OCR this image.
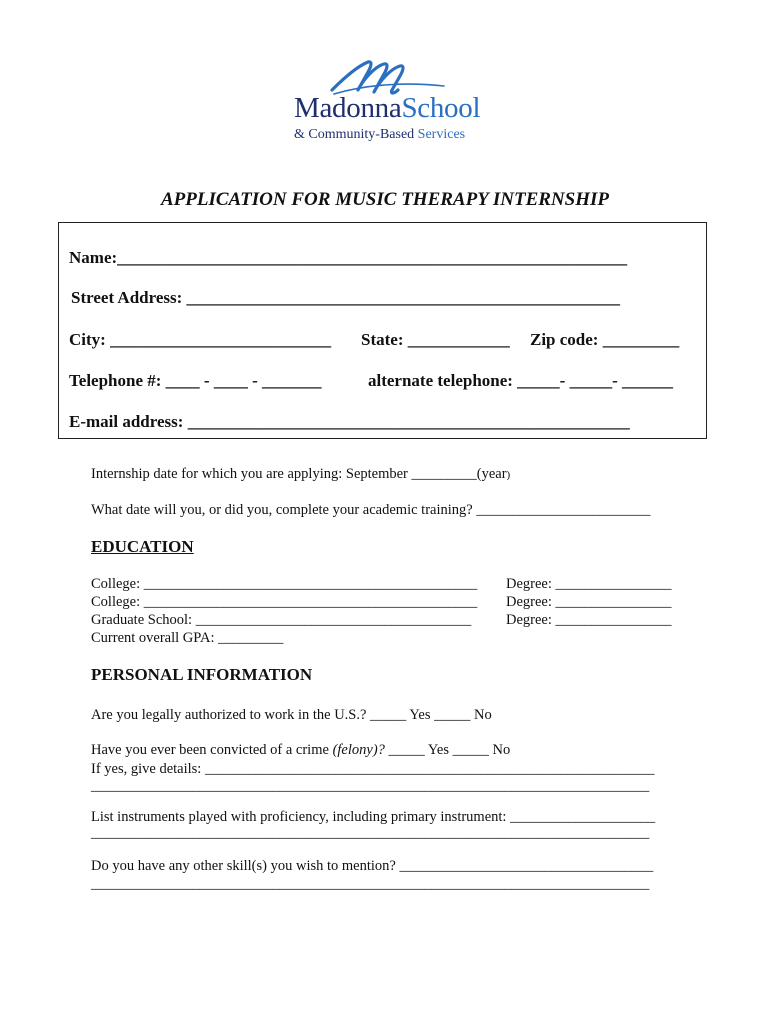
MadonnaSchool
& Community-Based Services
APPLICATION FOR MUSIC THERAPY INTERNSHIP
Name:____________________________________________________________
Street Address: ___________________________________________________
City: __________________________ State: ____________ Zip code: _________
Telephone #: ____ - ____ - _______	alternate telephone: _____- _____- ______
E-mail address: ____________________________________________________
Internship date for which you are applying: September _________(year)
What date will you, or did you, complete your academic training? ________________________
EDUCATION
College: ______________________________________________
College: ______________________________________________
Graduate School: ______________________________________
Degree: ________________
Degree: ________________
Degree: ________________
Current overall GPA: _________
PERSONAL INFORMATION
Are you legally authorized to work in the U.S.? _____ Yes _____ No
Have you ever been convicted of a crime (felony)? _____ Yes _____ No
If yes, give details: ______________________________________________________________
_____________________________________________________________________________
List instruments played with proficiency, including primary instrument: ____________________
_____________________________________________________________________________
Do you have any other skill(s) you wish to mention? ___________________________________
_____________________________________________________________________________
